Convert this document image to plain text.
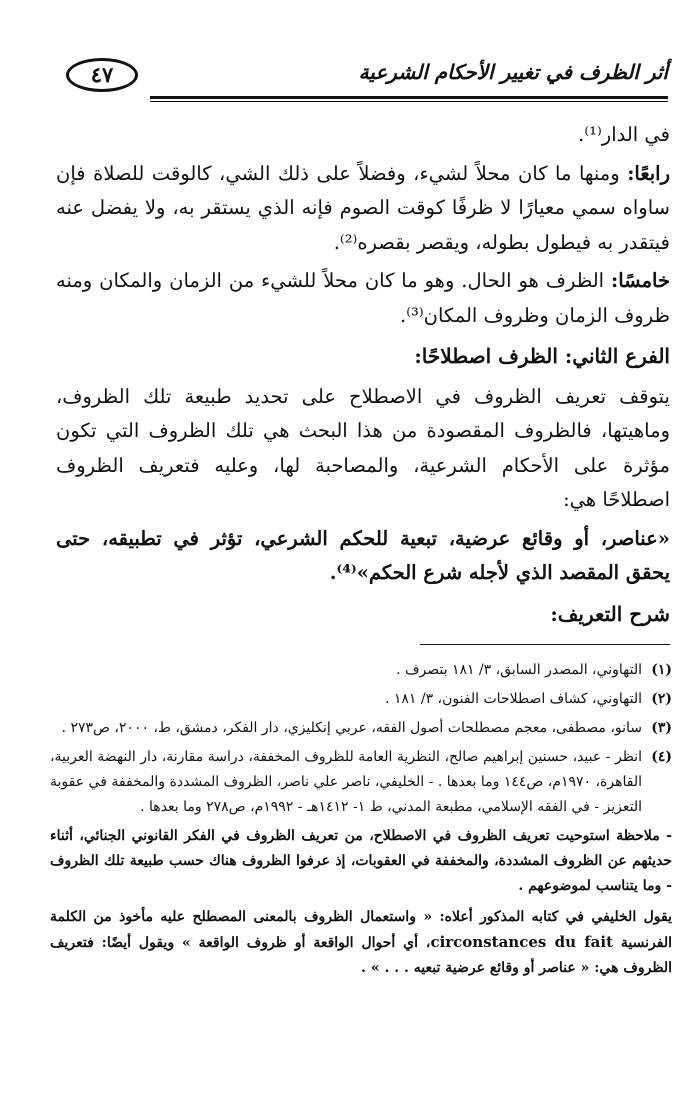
٤٧	أثر الظرف في تغيير الأحكام الشرعية

في الدار⁽¹⁾.

رابعًا: ومنها ما كان محلاً لشيء، وفضلاً على ذلك الشي، كالوقت للصلاة فإن ساواه سمي معيارًا لا ظرفًا كوقت الصوم فإنه الذي يستقر به، ولا يفضل عنه فيتقدر به فيطول بطوله، ويقصر بقصره⁽²⁾.

خامسًا: الظرف هو الحال. وهو ما كان محلاً للشيء من الزمان والمكان ومنه ظروف الزمان وظروف المكان⁽³⁾.

الفرع الثاني: الظرف اصطلاحًا:

يتوقف تعريف الظروف في الاصطلاح على تحديد طبيعة تلك الظروف، وماهيتها، فالظروف المقصودة من هذا البحث هي تلك الظروف التي تكون مؤثرة على الأحكام الشرعية، والمصاحبة لها، وعليه فتعريف الظروف اصطلاحًا هي:

«عناصر، أو وقائع عرضية، تبعية للحكم الشرعي، تؤثر في تطبيقه، حتى يحقق المقصد الذي لأجله شرع الحكم»⁽⁴⁾.

شرح التعريف:

(١)
التهاوني، المصدر السابق، ٣/ ١٨١ بتصرف .
(٢)
التهاوني، كشاف اصطلاحات الفنون، ٣/ ١٨١ .
(٣)
سانو، مصطفى، معجم مصطلحات أصول الفقه، عربي إنكليزي، دار الفكر، دمشق، ط، ٢٠٠٠، ص٢٧٣ .
(٤)
انظر - عبيد، حسنين إبراهيم صالح، النظرية العامة للظروف المخففة، دراسة مقارنة، دار النهضة العربية، القاهرة، ١٩٧٠م، ص١٤٤ وما بعدها . - الخليفي، ناصر علي ناصر، الظروف المشددة والمخففة في عقوبة التعزيز - في الفقه الإسلامي، مطبعة المدني، ط ١- ١٤١٢هـ - ١٩٩٢م، ص٢٧٨ وما بعدها .

- ملاحظة استوحيت تعريف الظروف في الاصطلاح، من تعريف الظروف في الفكر القانوني الجنائي، أثناء حديثهم عن الظروف المشددة، والمخففة في العقوبات، إذ عرفوا الظروف هناك حسب طبيعة تلك الظروف - وما يتناسب لموضوعهم .

يقول الخليفي في كتابه المذكور أعلاه: « واستعمال الظروف بالمعنى المصطلح عليه مأخوذ من الكلمة الفرنسية circonstances du fait، أي أحوال الواقعة أو ظروف الواقعة » ويقول أيضًا: فتعريف الظروف هي: « عناصر أو وقائع عرضية تبعيه . . . » .
